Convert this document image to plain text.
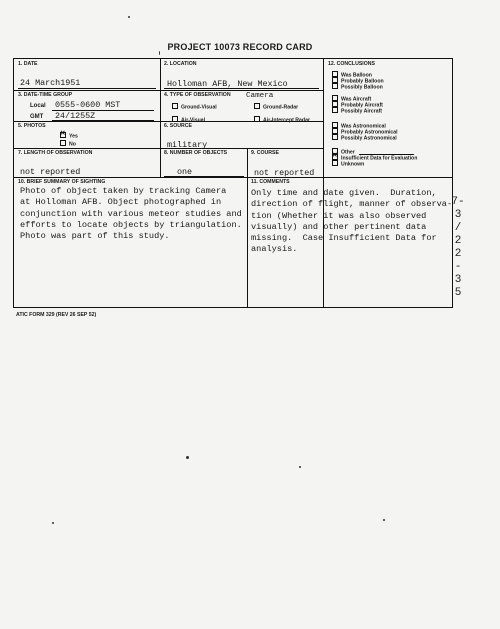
PROJECT 10073 RECORD CARD
1. DATE
24 March1951
2. LOCATION
Holloman AFB, New Mexico
3. DATE-TIME GROUP
Local 0555-0600 MST
GMT 24/1255Z
4. TYPE OF OBSERVATION Camera
Ground-Visual	Ground-Radar
Air-Visual	Air-Intercept Radar
5. PHOTOS
✕Yes
No
6. SOURCE
military
7. LENGTH OF OBSERVATION
not reported
8. NUMBER OF OBJECTS
one
9. COURSE
not reported
10. BRIEF SUMMARY OF SIGHTING
Photo of object taken by tracking Camera
at Holloman AFB. Object photographed in
conjunction with various meteor studies and
efforts to locate objects by triangulation.
Photo was part of this study.
11. COMMENTS
Only time and date given.  Duration,
direction of flight, manner of observa-
tion (Whether it was also observed
visually) and other pertinent data
missing.  Case Insufficient Data for
analysis.
12. CONCLUSIONS
Was Balloon
Probably Balloon
Possibly Balloon
Was Aircraft
Probably Aircraft
Possibly Aircraft
Was Astronomical
Probably Astronomical
Possibly Astronomical
Other
✕Insufficient Data for Evaluation
Unknown
ATIC FORM 329 (REV 26 SEP 52)
7-
3
/
2
2
-
3
5
